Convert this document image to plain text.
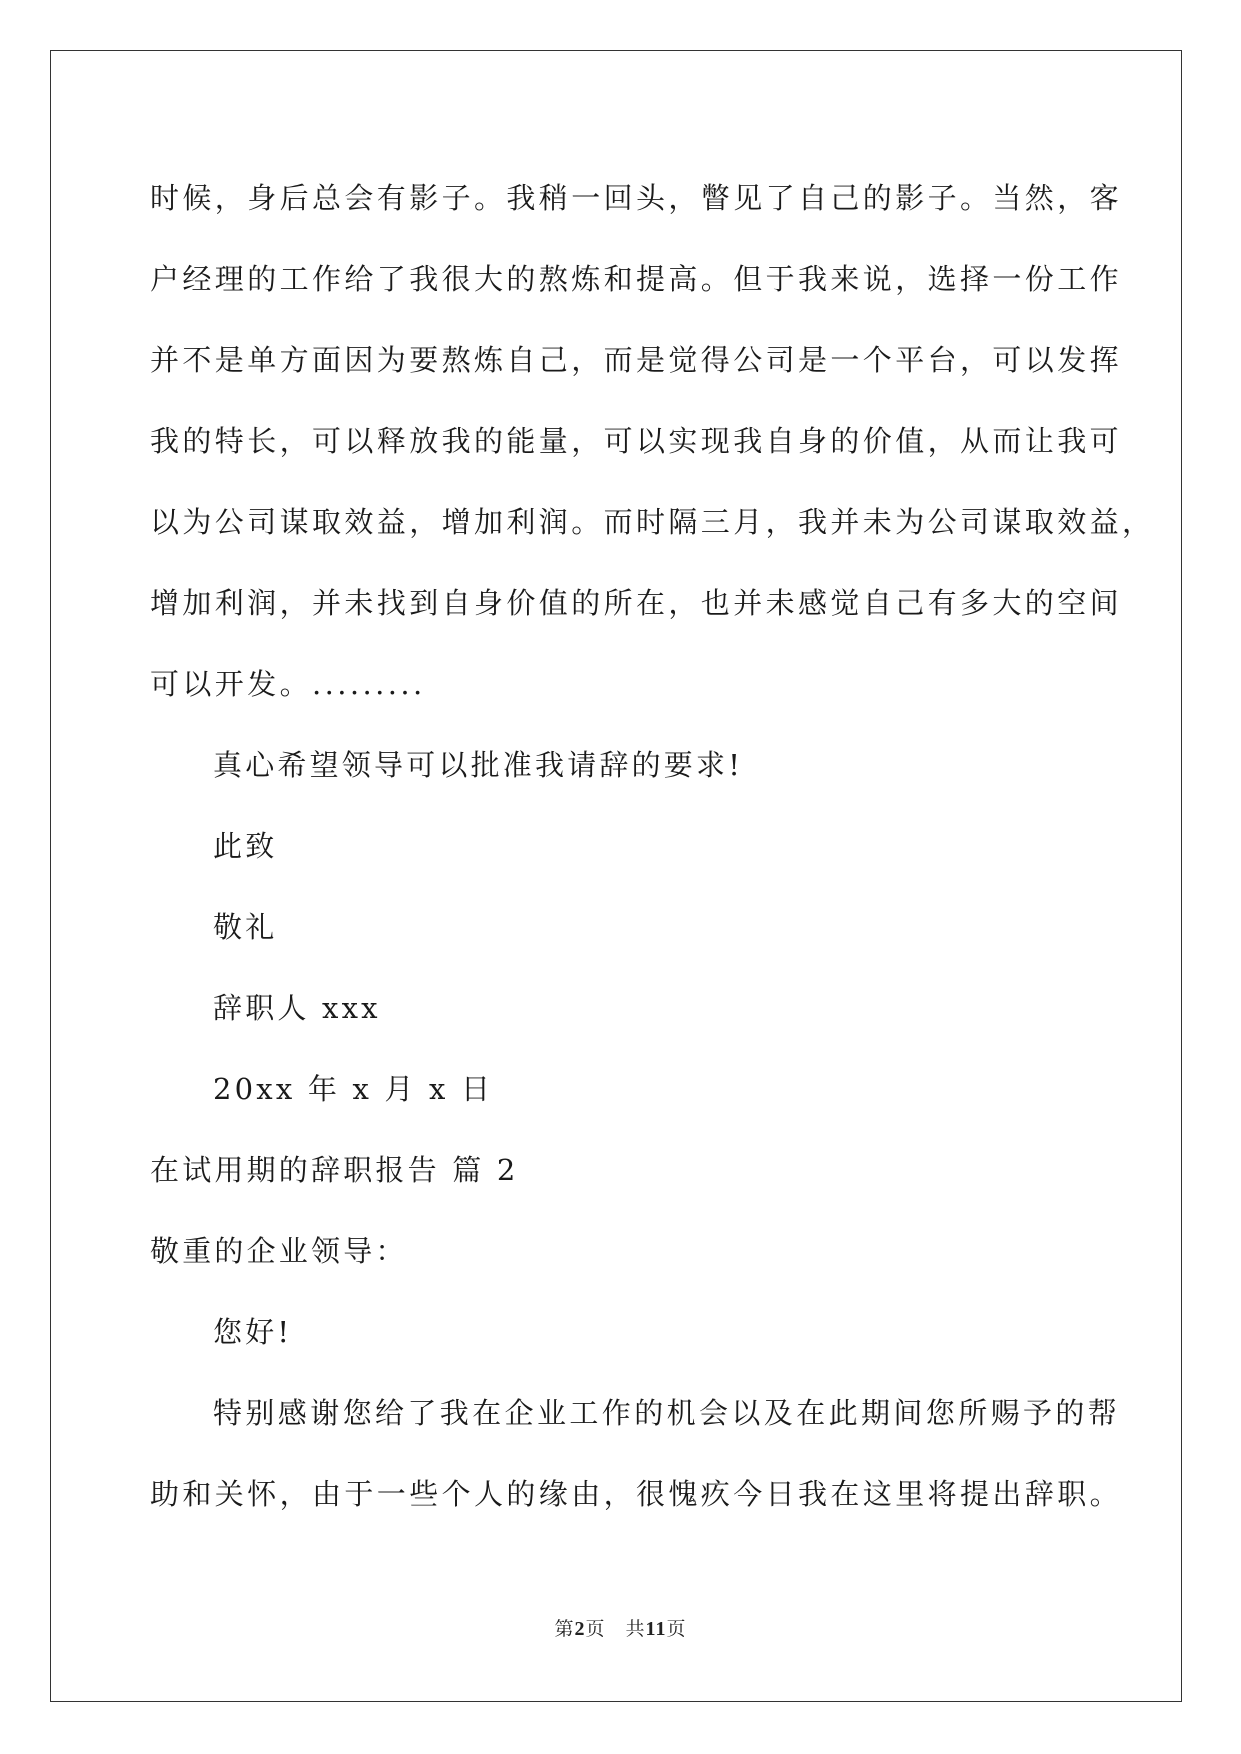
时候，身后总会有影子。我稍一回头，瞥见了自己的影子。当然，客
户经理的工作给了我很大的熬炼和提高。但于我来说，选择一份工作
并不是单方面因为要熬炼自己，而是觉得公司是一个平台，可以发挥
我的特长，可以释放我的能量，可以实现我自身的价值，从而让我可
以为公司谋取效益，增加利润。而时隔三月，我并未为公司谋取效益，
增加利润，并未找到自身价值的所在，也并未感觉自己有多大的空间
可以开发。.........
真心希望领导可以批准我请辞的要求!
此致
敬礼
辞职人 xxx
20xx 年 x 月 x 日
在试用期的辞职报告 篇 2
敬重的企业领导：
您好!
特别感谢您给了我在企业工作的机会以及在此期间您所赐予的帮
助和关怀，由于一些个人的缘由，很愧疚今日我在这里将提出辞职。
第2页　共11页
